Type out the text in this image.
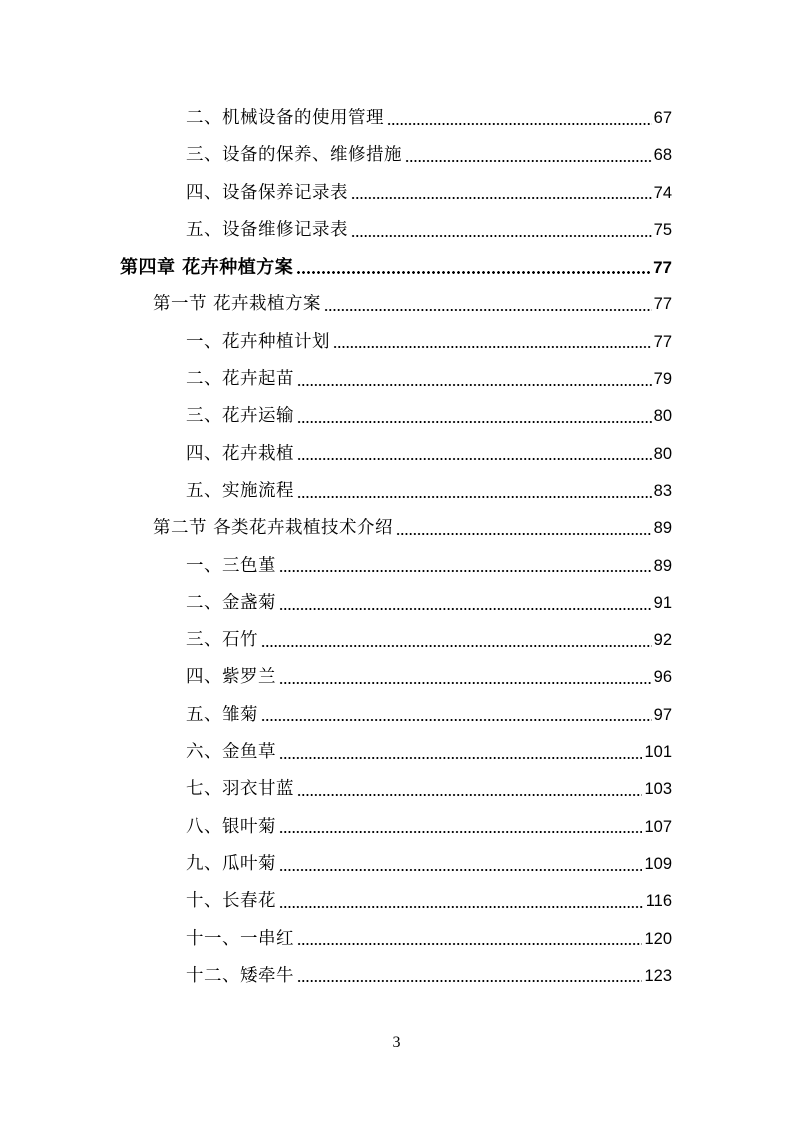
二、机械设备的使用管理	67
三、设备的保养、维修措施	68
四、设备保养记录表	74
五、设备维修记录表	75
第四章 花卉种植方案	77
第一节 花卉栽植方案	77
一、花卉种植计划	77
二、花卉起苗	79
三、花卉运输	80
四、花卉栽植	80
五、实施流程	83
第二节 各类花卉栽植技术介绍	89
一、三色堇	89
二、金盏菊	91
三、石竹	92
四、紫罗兰	96
五、雏菊	97
六、金鱼草	101
七、羽衣甘蓝	103
八、银叶菊	107
九、瓜叶菊	109
十、长春花	116
十一、一串红	120
十二、矮牵牛	123
3
